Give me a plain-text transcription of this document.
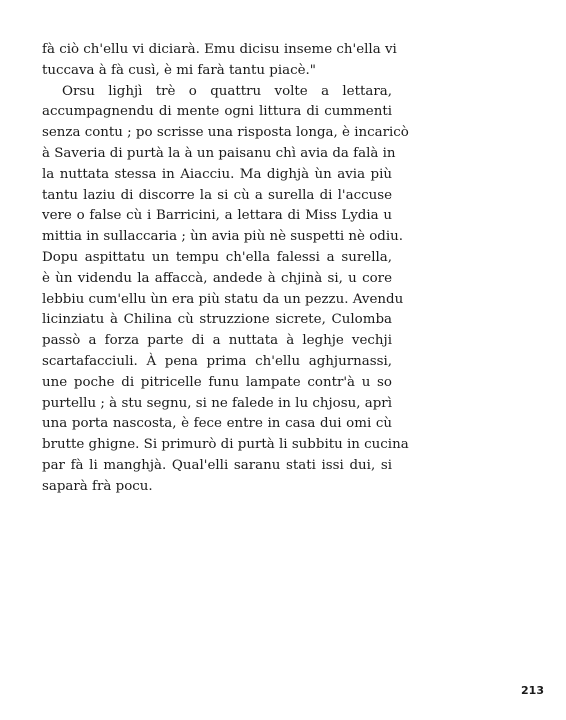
fà ciò ch'ellu vi diciarà. Emu dicisu inseme ch'ella vi
tuccava à fà cusì, è mi farà tantu piacè."
Orsu lighjì trè o quattru volte a lettara,
accumpagnendu di mente ogni littura di cummenti
senza contu ; po scrisse una risposta longa, è incaricò
à Saveria di purtà la à un paisanu chì avia da falà in
la nuttata stessa in Aiacciu. Ma dighjà ùn avia più
tantu laziu di discorre la si cù a surella di l'accuse
vere o false cù i Barricini, a lettara di Miss Lydia u
mittia in sullaccaria ; ùn avia più nè suspetti nè odiu.
Dopu aspittatu un tempu ch'ella falessi a surella,
è ùn videndu la affaccà, andede à chjinà si, u core
lebbiu cum'ellu ùn era più statu da un pezzu. Avendu
licinziatu à Chilina cù struzzione sicrete, Culomba
passò a forza parte di a nuttata à leghje vechji
scartafacciuli. À pena prima ch'ellu aghjurnassi,
une poche di pitricelle funu lampate contr'à u so
purtellu ; à stu segnu, si ne falede in lu chjosu, aprì
una porta nascosta, è fece entre in casa dui omi cù
brutte ghigne. Si primurò di purtà li subbitu in cucina
par fà li manghjà. Qual'elli saranu stati issi dui, si
saparà frà pocu.
213
